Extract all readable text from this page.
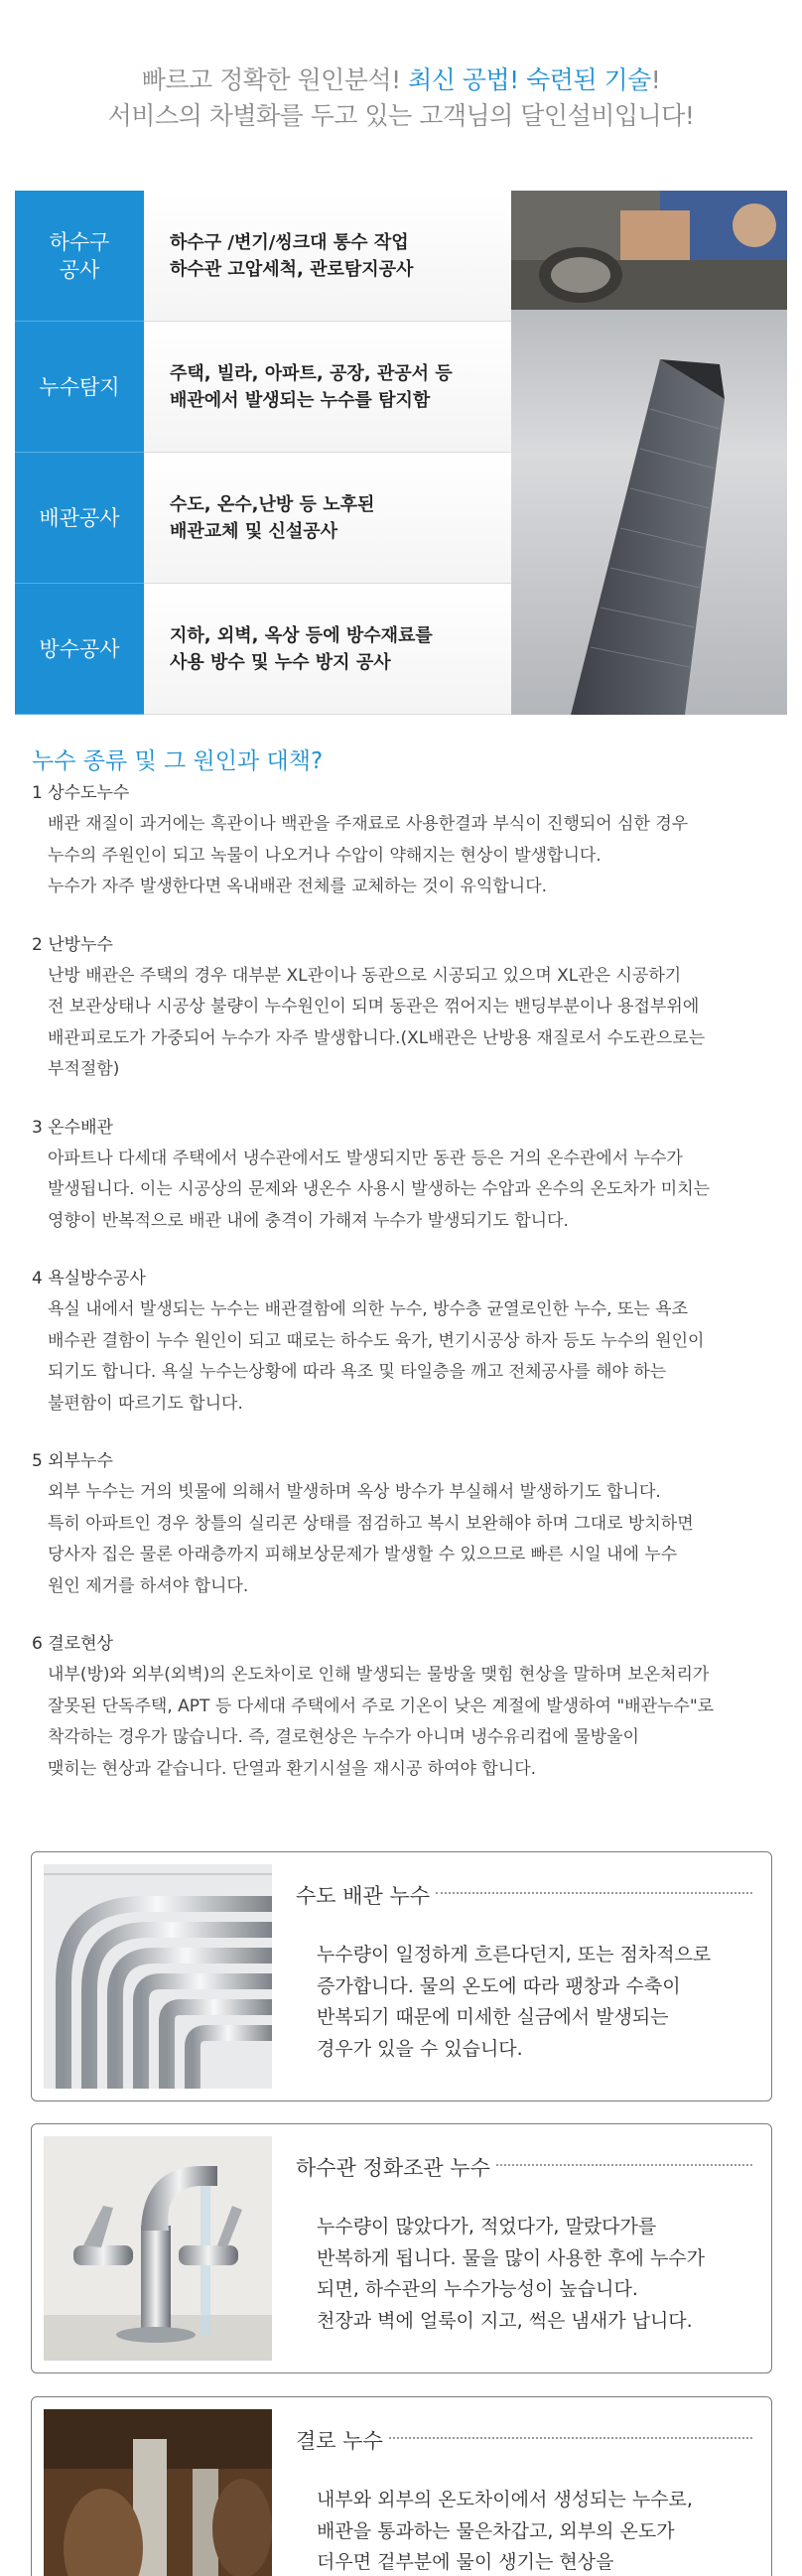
빠르고 정확한 원인분석! 최신 공법! 숙련된 기술!
서비스의 차별화를 두고 있는 고객님의 달인설비입니다!
하수구
공사
하수구 /변기/씽크대 통수 작업
하수관 고압세척, 관로탐지공사
누수탐지
주택, 빌라, 아파트, 공장, 관공서 등
배관에서 발생되는 누수를 탐지함
배관공사
수도, 온수,난방 등 노후된
배관교체 및 신설공사
방수공사
지하, 외벽, 옥상 등에 방수재료를
사용 방수 및 누수 방지 공사
누수 종류 및 그 원인과 대책?
1 상수도누수

배관 재질이 과거에는 흑관이나 백관을 주재료로 사용한결과 부식이 진행되어 심한 경우
누수의 주원인이 되고 녹물이 나오거나 수압이 약해지는 현상이 발생합니다.
누수가 자주 발생한다면 옥내배관 전체를 교체하는 것이 유익합니다.

2 난방누수

난방 배관은 주택의 경우 대부분 XL관이나 동관으로 시공되고 있으며 XL관은 시공하기
전 보관상태나 시공상 불량이 누수원인이 되며 동관은 꺾어지는 밴딩부분이나 용접부위에
배관피로도가 가중되어 누수가 자주 발생합니다.(XL배관은 난방용 재질로서 수도관으로는
부적절함)

3 온수배관

아파트나 다세대 주택에서 냉수관에서도 발생되지만 동관 등은 거의 온수관에서 누수가
발생됩니다. 이는 시공상의 문제와 냉온수 사용시 발생하는 수압과 온수의 온도차가 미치는
영향이 반복적으로 배관 내에 충격이 가해져 누수가 발생되기도 합니다.

4 욕실방수공사

욕실 내에서 발생되는 누수는 배관결함에 의한 누수, 방수층 균열로인한 누수, 또는 욕조
배수관 결함이 누수 원인이 되고 때로는 하수도 육가, 변기시공상 하자 등도 누수의 원인이
되기도 합니다. 욕실 누수는상황에 따라 욕조 및 타일층을 깨고 전체공사를 해야 하는
불편함이 따르기도 합니다.

5 외부누수

외부 누수는 거의 빗물에 의해서 발생하며 옥상 방수가 부실해서 발생하기도 합니다.
특히 아파트인 경우 창틀의 실리콘 상태를 점검하고 복시 보완해야 하며 그대로 방치하면
당사자 집은 물론 아래층까지 피해보상문제가 발생할 수 있으므로 빠른 시일 내에 누수
원인 제거를 하셔야 합니다.

6 결로현상

내부(방)와 외부(외벽)의 온도차이로 인해 발생되는 물방울 맺힘 현상을 말하며 보온처리가
잘못된 단독주택, APT 등 다세대 주택에서 주로 기온이 낮은 계절에 발생하여 "배관누수"로
착각하는 경우가 많습니다. 즉, 결로현상은 누수가 아니며 냉수유리컵에 물방울이
맺히는 현상과 같습니다. 단열과 환기시설을 재시공 하여야 합니다.

수도 배관 누수
누수량이 일정하게 흐른다던지, 또는 점차적으로
증가합니다. 물의 온도에 따라 팽창과 수축이
반복되기 때문에 미세한 실금에서 발생되는
경우가 있을 수 있습니다.
하수관 정화조관 누수
누수량이 많았다가, 적었다가, 말랐다가를
반복하게 됩니다. 물을 많이 사용한 후에 누수가
되면, 하수관의 누수가능성이 높습니다.
천장과 벽에 얼룩이 지고, 썩은 냄새가 납니다.
결로 누수
내부와 외부의 온도차이에서 생성되는 누수로,
배관을 통과하는 물은차갑고, 외부의 온도가
더우면 겉부분에 물이 생기는 현상을
